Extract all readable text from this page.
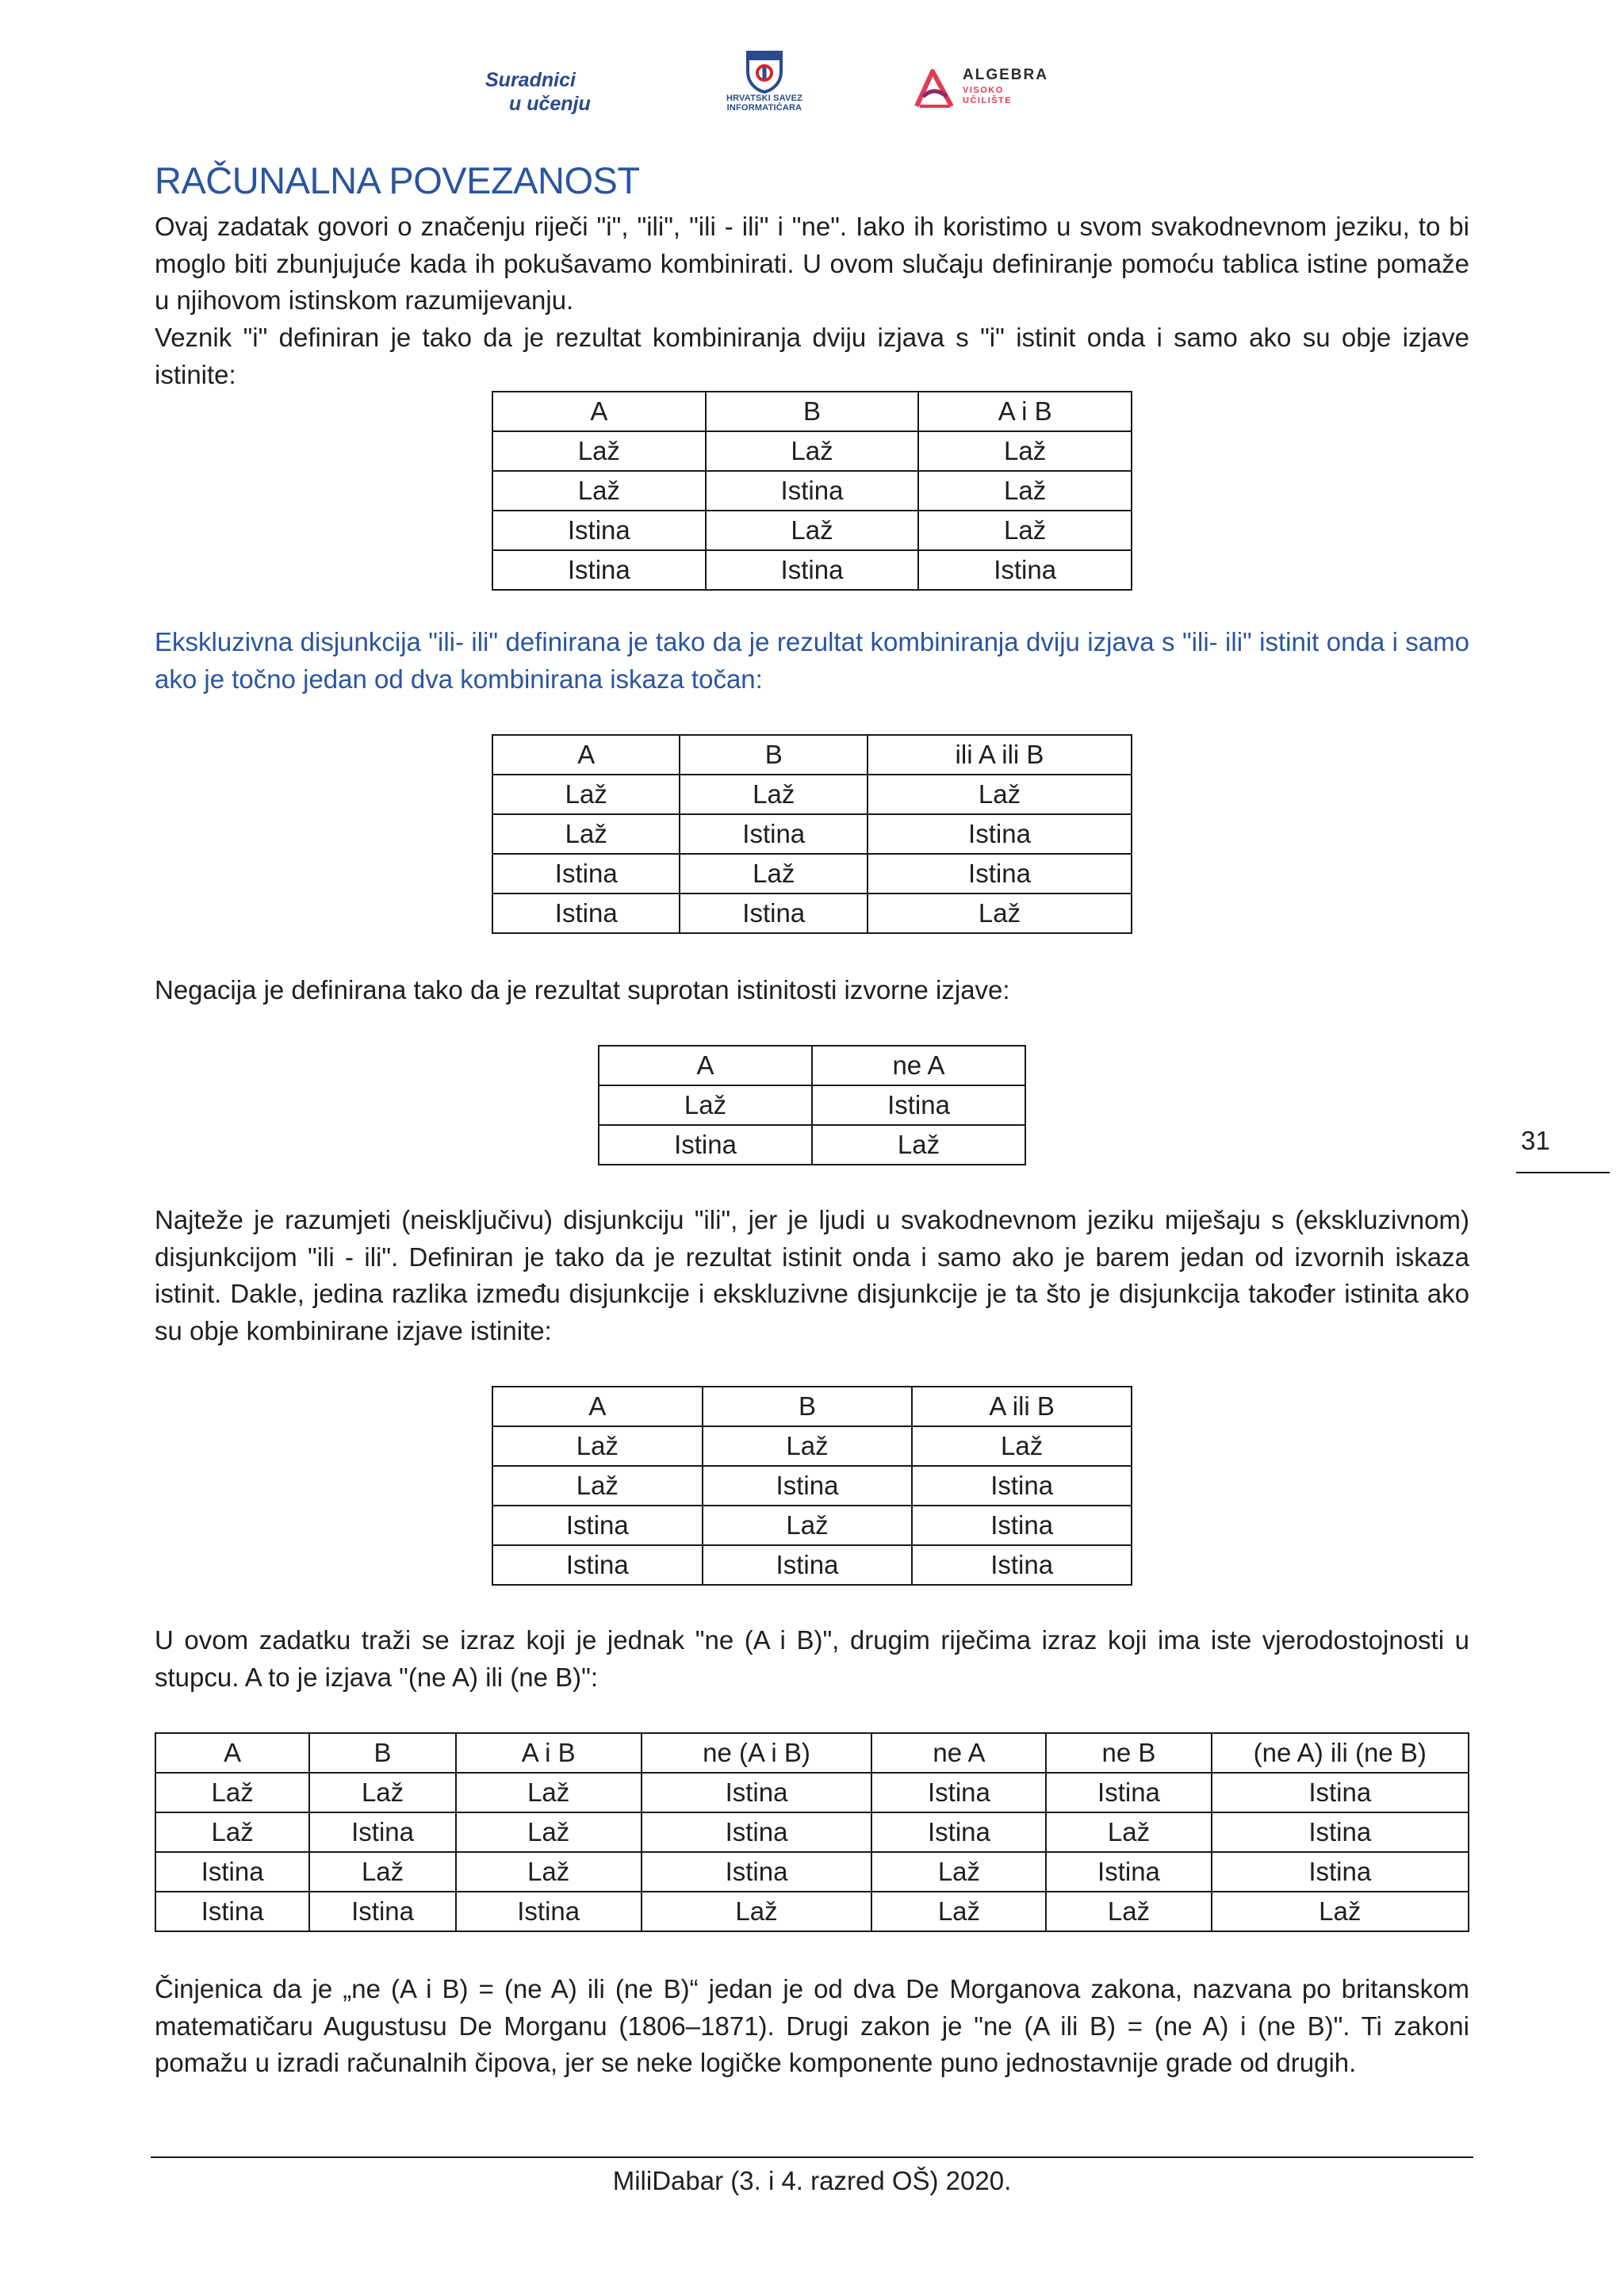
Suradnici
u učenju	HRVATSKI SAVEZ
INFORMATIČARA
ALGEBRA
VISOKO
UČILIŠTE
RAČUNALNA POVEZANOST
Ovaj zadatak govori o značenju riječi "i", "ili", "ili - ili" i "ne". Iako ih koristimo u svom svakodnevnom jeziku, to bi moglo biti zbunjujuće kada ih pokušavamo kombinirati. U ovom slučaju definiranje pomoću tablica istine pomaže u njihovom istinskom razumijevanju.
Veznik "i" definiran je tako da je rezultat kombiniranja dviju izjava s "i" istinit onda i samo ako su obje izjave istinite:
A	B	A i B
Laž	Laž	Laž
Laž	Istina	Laž
Istina	Laž	Laž
Istina	Istina	Istina
Ekskluzivna disjunkcija "ili- ili" definirana je tako da je rezultat kombiniranja dviju izjava s "ili- ili" istinit onda i samo ako je točno jedan od dva kombinirana iskaza točan:
A	B	ili A ili B
Laž	Laž	Laž
Laž	Istina	Istina
Istina	Laž	Istina
Istina	Istina	Laž
Negacija je definirana tako da je rezultat suprotan istinitosti izvorne izjave:
A	ne A
Laž	Istina
Istina	Laž	31
Najteže je razumjeti (neisključivu) disjunkciju "ili", jer je ljudi u svakodnevnom jeziku miješaju s (ekskluzivnom) disjunkcijom "ili - ili". Definiran je tako da je rezultat istinit onda i samo ako je barem jedan od izvornih iskaza istinit. Dakle, jedina razlika između disjunkcije i ekskluzivne disjunkcije je ta što je disjunkcija također istinita ako su obje kombinirane izjave istinite:
A	B	A ili B
Laž	Laž	Laž
Laž	Istina	Istina
Istina	Laž	Istina
Istina	Istina	Istina
U ovom zadatku traži se izraz koji je jednak "ne (A i B)", drugim riječima izraz koji ima iste vjerodostojnosti u stupcu. A to je izjava "(ne A) ili (ne B)":
A	B	A i B	ne (A i B)	ne A	ne B	(ne A) ili (ne B)
Laž	Laž	Laž	Istina	Istina	Istina	Istina
Laž	Istina	Laž	Istina	Istina	Laž	Istina
Istina	Laž	Laž	Istina	Laž	Istina	Istina
Istina	Istina	Istina	Laž	Laž	Laž	Laž
Činjenica da je „ne (A i B) = (ne A) ili (ne B)“ jedan je od dva De Morganova zakona, nazvana po britanskom matematičaru Augustusu De Morganu (1806–1871). Drugi zakon je "ne (A ili B) = (ne A) i (ne B)". Ti zakoni pomažu u izradi računalnih čipova, jer se neke logičke komponente puno jednostavnije grade od drugih.
MiliDabar (3. i 4. razred OŠ) 2020.
